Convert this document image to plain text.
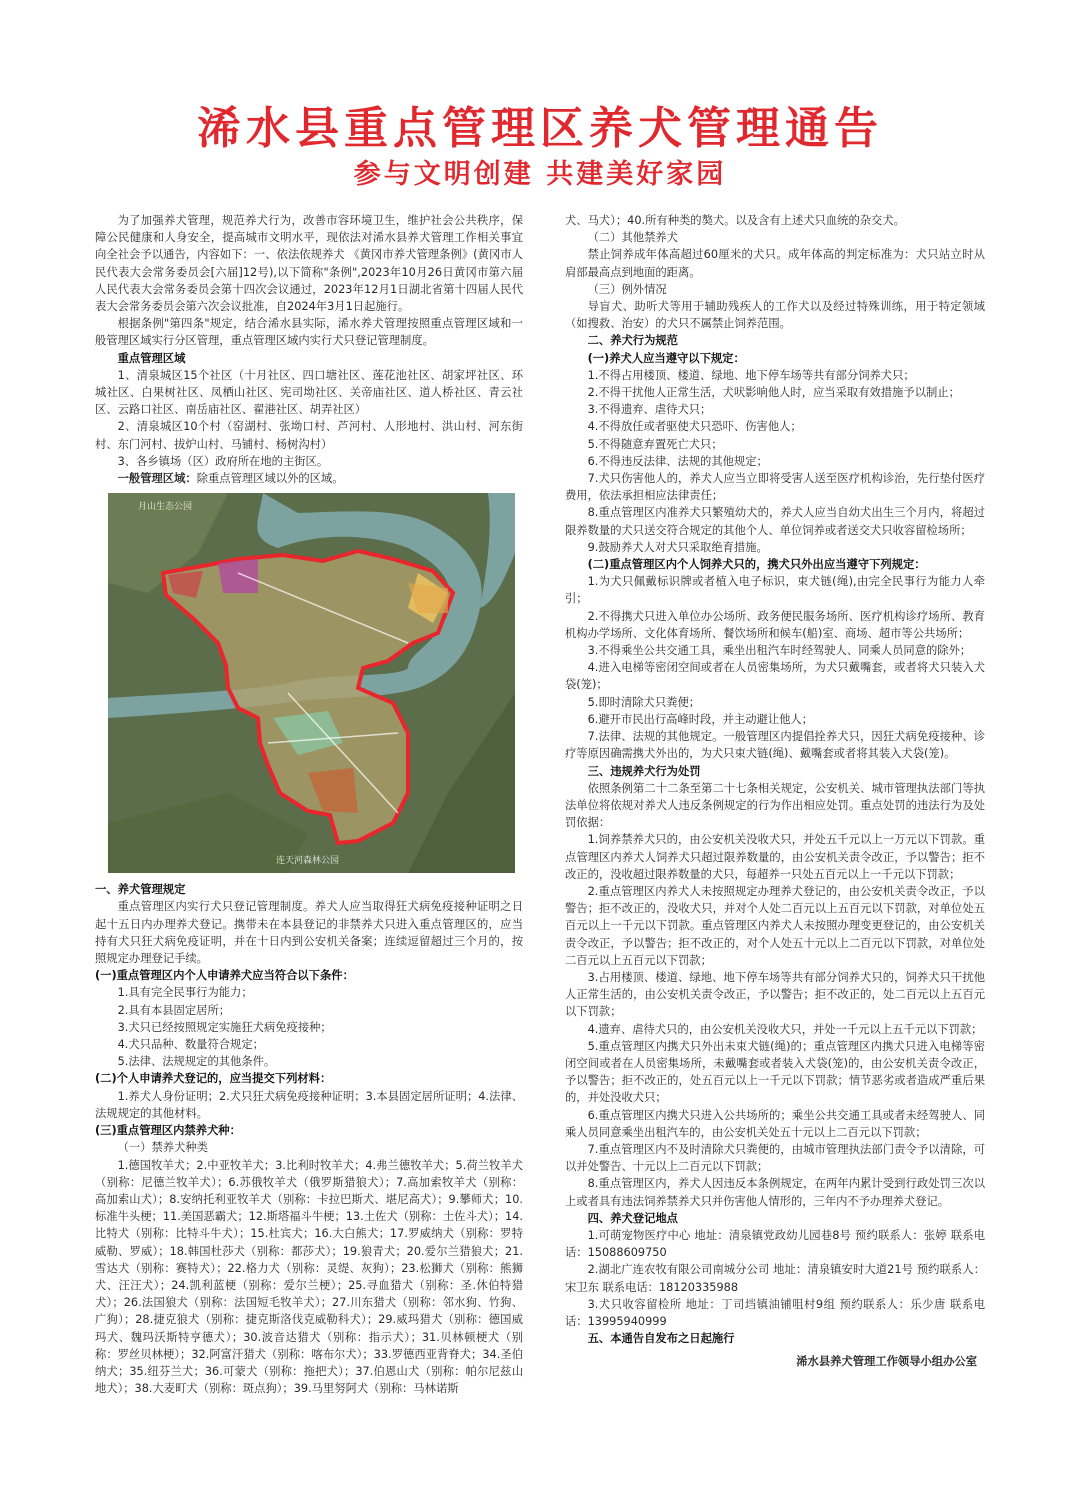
浠水县重点管理区养犬管理通告
参与文明创建 共建美好家园

为了加强养犬管理，规范养犬行为，改善市容环境卫生，维护社会公共秩序，保障公民健康和人身安全，提高城市文明水平，现依法对浠水县养犬管理工作相关事宜向全社会予以通告，内容如下：一、依法依规养犬 《黄冈市养犬管理条例》(黄冈市人民代表大会常务委员会[六届]12号),以下简称"条例",2023年10月26日黄冈市第六届人民代表大会常务委员会第十四次会议通过，2023年12月1日湖北省第十四届人民代表大会常务委员会第六次会议批准，自2024年3月1日起施行。

根据条例"第四条"规定，结合浠水县实际，浠水养犬管理按照重点管理区域和一般管理区域实行分区管理，重点管理区域内实行犬只登记管理制度。

重点管理区域

1、清泉城区15个社区（十月社区、四口塘社区、莲花池社区、胡家坪社区、环城社区、白果树社区、凤栖山社区、宪司坳社区、关帝庙社区、道人桥社区、青云社区、云路口社区、南岳庙社区、翟港社区、胡弄社区）

2、清泉城区10个村（窑湖村、张坳口村、芦河村、人形地村、洪山村、河东街村、东门河村、拔炉山村、马铺村、杨树沟村）

3、各乡镇场（区）政府所在地的主街区。

一般管理区域：除重点管理区域以外的区域。

月山生态公园
连天河森林公园

一、养犬管理规定

重点管理区内实行犬只登记管理制度。养犬人应当取得狂犬病免疫接种证明之日起十五日内办理养犬登记。携带未在本县登记的非禁养犬只进入重点管理区的，应当持有犬只狂犬病免疫证明，并在十日内到公安机关备案；连续逗留超过三个月的，按照规定办理登记手续。

(一)重点管理区内个人申请养犬应当符合以下条件：

1.具有完全民事行为能力；

2.具有本县固定居所；

3.犬只已经按照规定实施狂犬病免疫接种；

4.犬只品种、数量符合规定；

5.法律、法规规定的其他条件。

(二)个人申请养犬登记的，应当提交下列材料：

1.养犬人身份证明；2.犬只狂犬病免疫接种证明；3.本县固定居所证明；4.法律、法规规定的其他材料。

(三)重点管理区内禁养犬种：

（一）禁养犬种类

1.德国牧羊犬；2.中亚牧羊犬；3.比利时牧羊犬；4.弗兰德牧羊犬；5.荷兰牧羊犬（别称：尼德兰牧羊犬）；6.苏俄牧羊犬（俄罗斯猎狼犬）；7.高加索牧羊犬（别称：高加索山犬）；8.安纳托利亚牧羊犬（别称：卡拉巴斯犬、堪尼高犬）；9.攀师犬；10.标准牛头梗；11.美国恶霸犬；12.斯塔福斗牛梗；13.土佐犬（别称：土佐斗犬）；14.比特犬（别称：比特斗牛犬）；15.杜宾犬；16.大白熊犬；17.罗威纳犬（别称：罗特威勒、罗威）；18.韩国杜莎犬（别称：都莎犬）；19.狼青犬；20.爱尔兰猎狼犬；21.雪达犬（别称：赛特犬）；22.格力犬（别称：灵缇、灰狗）；23.松狮犬（别称：熊狮犬、汪汪犬）；24.凯利蓝梗（别称：爱尔兰梗）；25.寻血猎犬（别称：圣.休伯特猎犬）；26.法国狼犬（别称：法国短毛牧羊犬）；27.川东猎犬（别称：邻水狗、竹狗、广狗）；28.捷克狼犬（别称：捷克斯洛伐克威勒科犬）；29.威玛猎犬（别称：德国威玛犬、魏玛沃斯特亨德犬）；30.波音达猎犬（别称：指示犬）；31.贝林顿梗犬（别称：罗丝贝林梗）；32.阿富汗猎犬（别称：喀布尔犬）；33.罗德西亚背脊犬；34.圣伯纳犬；35.纽芬兰犬；36.可蒙犬（别称：拖把犬）；37.伯恩山犬（别称：帕尔尼兹山地犬）；38.大麦町犬（别称：斑点狗）；39.马里努阿犬（别称：马林诺斯

犬、马犬）；40.所有种类的獒犬。以及含有上述犬只血统的杂交犬。

（二）其他禁养犬

禁止饲养成年体高超过60厘米的犬只。成年体高的判定标准为：犬只站立时从肩部最高点到地面的距离。

（三）例外情况

导盲犬、助听犬等用于辅助残疾人的工作犬以及经过特殊训练，用于特定领域（如搜救、治安）的犬只不属禁止饲养范围。

二、养犬行为规范

(一)养犬人应当遵守以下规定：

1.不得占用楼顶、楼道、绿地、地下停车场等共有部分饲养犬只；

2.不得干扰他人正常生活，犬吠影响他人时，应当采取有效措施予以制止；

3.不得遗弃、虐待犬只；

4.不得放任或者驱使犬只恐吓、伤害他人；

5.不得随意弃置死亡犬只；

6.不得违反法律、法规的其他规定；

7.犬只伤害他人的，养犬人应当立即将受害人送至医疗机构诊治，先行垫付医疗费用，依法承担相应法律责任；

8.重点管理区内准养犬只繁殖幼犬的，养犬人应当自幼犬出生三个月内，将超过限养数量的犬只送交符合规定的其他个人、单位饲养或者送交犬只收容留检场所；

9.鼓励养犬人对犬只采取绝育措施。

(二)重点管理区内个人饲养犬只的，携犬只外出应当遵守下列规定：

1.为犬只佩戴标识牌或者植入电子标识，束犬链(绳),由完全民事行为能力人牵引；

2.不得携犬只进入单位办公场所、政务便民服务场所、医疗机构诊疗场所、教育机构办学场所、文化体育场所、餐饮场所和候车(船)室、商场、超市等公共场所；

3.不得乘坐公共交通工具，乘坐出租汽车时经驾驶人、同乘人员同意的除外；

4.进入电梯等密闭空间或者在人员密集场所，为犬只戴嘴套，或者将犬只装入犬袋(笼)；

5.即时清除犬只粪便；

6.避开市民出行高峰时段，并主动避让他人；

7.法律、法规的其他规定。一般管理区内提倡拴养犬只，因狂犬病免疫接种、诊疗等原因确需携犬外出的，为犬只束犬链(绳)、戴嘴套或者将其装入犬袋(笼)。

三、违规养犬行为处罚

依照条例第二十二条至第二十七条相关规定，公安机关、城市管理执法部门等执法单位将依规对养犬人违反条例规定的行为作出相应处罚。重点处罚的违法行为及处罚依据：

1.饲养禁养犬只的，由公安机关没收犬只，并处五千元以上一万元以下罚款。重点管理区内养犬人饲养犬只超过限养数量的，由公安机关责令改正，予以警告；拒不改正的，没收超过限养数量的犬只，每超养一只处五百元以上一千元以下罚款；

2.重点管理区内养犬人未按照规定办理养犬登记的，由公安机关责令改正，予以警告；拒不改正的，没收犬只，并对个人处二百元以上五百元以下罚款，对单位处五百元以上一千元以下罚款。重点管理区内养犬人未按照办理变更登记的，由公安机关责令改正，予以警告；拒不改正的，对个人处五十元以上二百元以下罚款，对单位处二百元以上五百元以下罚款；

3.占用楼顶、楼道、绿地、地下停车场等共有部分饲养犬只的，饲养犬只干扰他人正常生活的，由公安机关责令改正，予以警告；拒不改正的，处二百元以上五百元以下罚款；

4.遗弃、虐待犬只的，由公安机关没收犬只，并处一千元以上五千元以下罚款；

5.重点管理区内携犬只外出未束犬链(绳)的；重点管理区内携犬只进入电梯等密闭空间或者在人员密集场所，未戴嘴套或者装入犬袋(笼)的，由公安机关责令改正，予以警告；拒不改正的，处五百元以上一千元以下罚款；情节恶劣或者造成严重后果的，并处没收犬只；

6.重点管理区内携犬只进入公共场所的；乘坐公共交通工具或者未经驾驶人、同乘人员同意乘坐出租汽车的，由公安机关处五十元以上二百元以下罚款；

7.重点管理区内不及时清除犬只粪便的，由城市管理执法部门责令予以清除，可以并处警告、十元以上二百元以下罚款；

8.重点管理区内，养犬人因违反本条例规定，在两年内累计受到行政处罚三次以上或者具有违法饲养禁养犬只并伤害他人情形的，三年内不予办理养犬登记。

四、养犬登记地点

1.可萌宠物医疗中心 地址：清泉镇党政幼儿园巷8号 预约联系人：张婷 联系电话：15088609750

2.湖北广连农牧有限公司南城分公司 地址：清泉镇安时大道21号 预约联系人：宋卫东 联系电话：18120335988

3.犬只收容留检所 地址：丁司垱镇油铺咀村9组 预约联系人：乐少唐 联系电话：13995940999

五、本通告自发布之日起施行

浠水县养犬管理工作领导小组办公室
